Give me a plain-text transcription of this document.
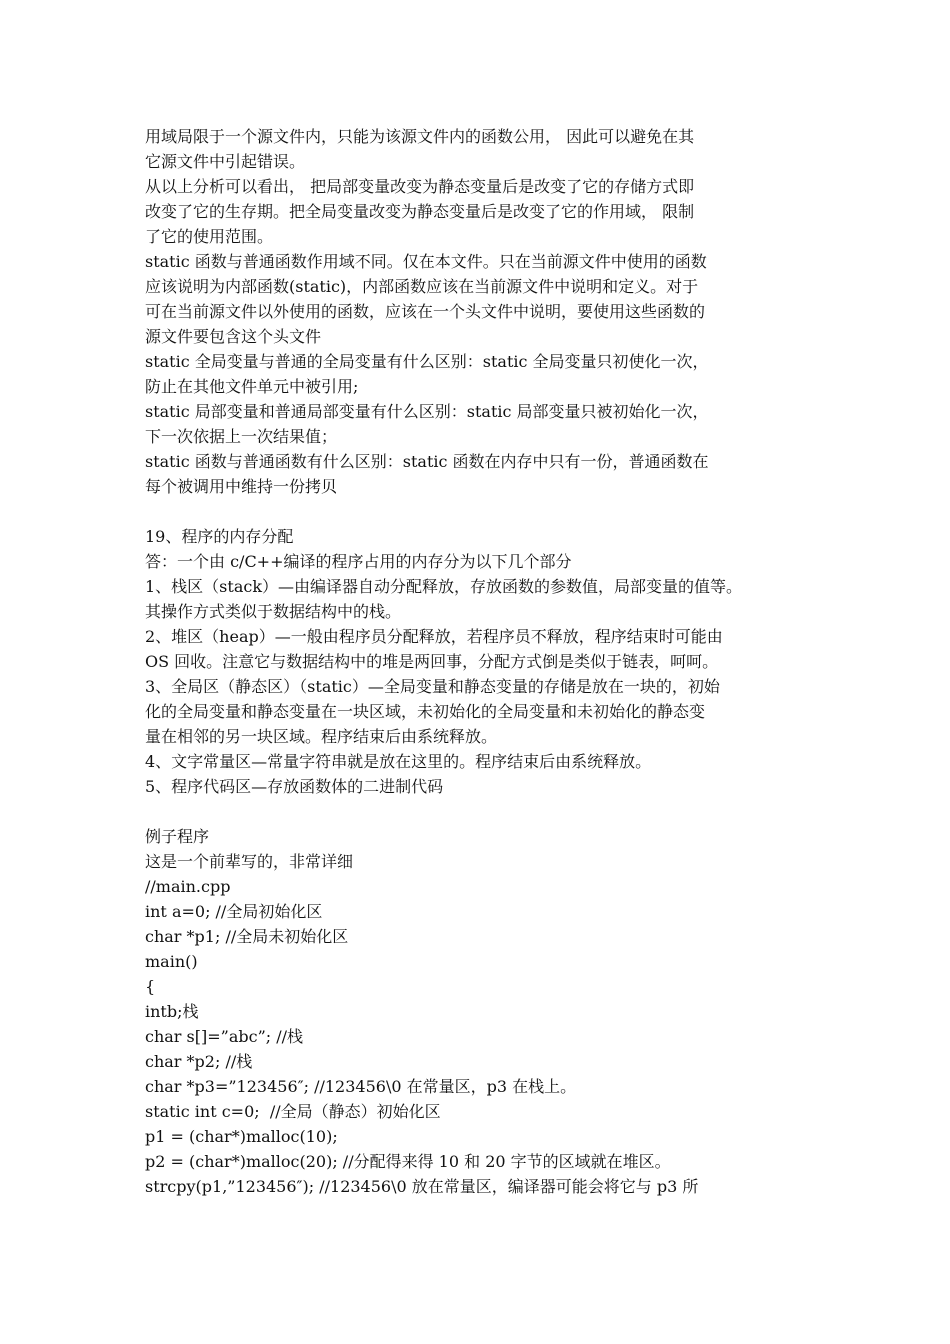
用域局限于一个源文件内，只能为该源文件内的函数公用， 因此可以避免在其
它源文件中引起错误。
从以上分析可以看出， 把局部变量改变为静态变量后是改变了它的存储方式即
改变了它的生存期。把全局变量改变为静态变量后是改变了它的作用域， 限制
了它的使用范围。
static 函数与普通函数作用域不同。仅在本文件。只在当前源文件中使用的函数
应该说明为内部函数(static)，内部函数应该在当前源文件中说明和定义。对于
可在当前源文件以外使用的函数，应该在一个头文件中说明，要使用这些函数的
源文件要包含这个头文件
static 全局变量与普通的全局变量有什么区别：static 全局变量只初使化一次，
防止在其他文件单元中被引用;
static 局部变量和普通局部变量有什么区别：static 局部变量只被初始化一次，
下一次依据上一次结果值；
static 函数与普通函数有什么区别：static 函数在内存中只有一份，普通函数在
每个被调用中维持一份拷贝
19、程序的内存分配
答：一个由 c/C++编译的程序占用的内存分为以下几个部分
1、栈区（stack）—由编译器自动分配释放，存放函数的参数值，局部变量的值等。
其操作方式类似于数据结构中的栈。
2、堆区（heap）—一般由程序员分配释放，若程序员不释放，程序结束时可能由
OS 回收。注意它与数据结构中的堆是两回事，分配方式倒是类似于链表，呵呵。
3、全局区（静态区）（static）—全局变量和静态变量的存储是放在一块的，初始
化的全局变量和静态变量在一块区域，未初始化的全局变量和未初始化的静态变
量在相邻的另一块区域。程序结束后由系统释放。
4、文字常量区—常量字符串就是放在这里的。程序结束后由系统释放。
5、程序代码区—存放函数体的二进制代码
例子程序
这是一个前辈写的，非常详细
//main.cpp
int a=0; //全局初始化区
char *p1; //全局未初始化区
main()
{
intb;栈
char s[]=”abc”; //栈
char *p2; //栈
char *p3=”123456″; //123456\0 在常量区，p3 在栈上。
static int c=0;  //全局（静态）初始化区
p1 = (char*)malloc(10);
p2 = (char*)malloc(20); //分配得来得 10 和 20 字节的区域就在堆区。
strcpy(p1,”123456″); //123456\0 放在常量区，编译器可能会将它与 p3 所
